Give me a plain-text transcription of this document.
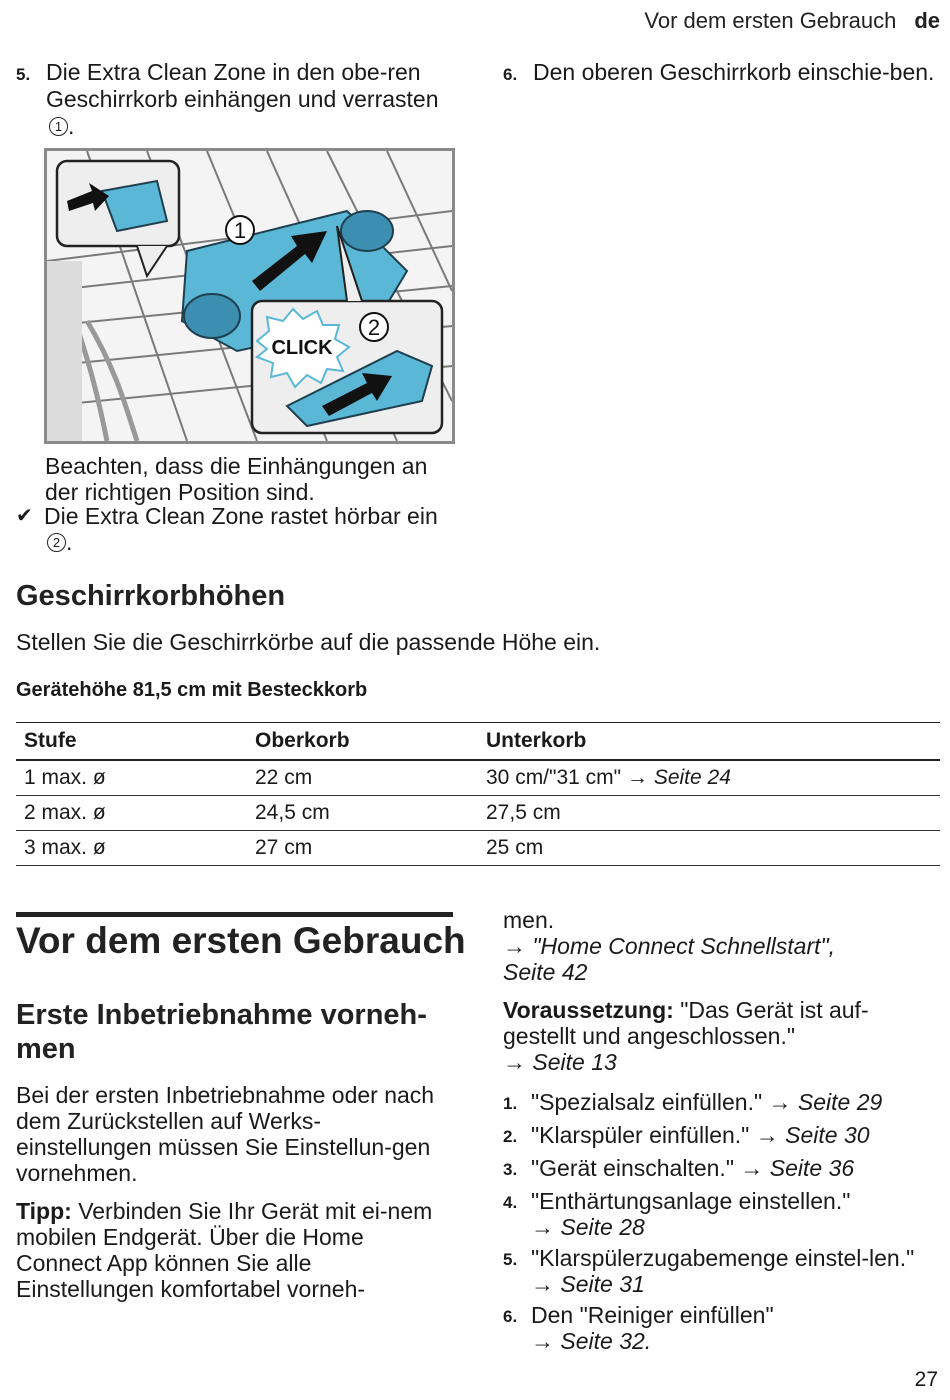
Vor dem ersten Gebrauch de
5. Die Extra Clean Zone in den obe-ren Geschirrkorb einhängen und verrasten 1 .
CLICK
1
2
Beachten, dass die Einhängungen an der richtigen Position sind.
✔ Die Extra Clean Zone rastet hörbar ein 2 .
6. Den oberen Geschirrkorb einschie-ben.
Geschirrkorbhöhen
Stellen Sie die Geschirrkörbe auf die passende Höhe ein.
Gerätehöhe 81,5 cm mit Besteckkorb
Stufe	Oberkorb	Unterkorb
1 max. ø	22 cm	30 cm/"31 cm" → Seite 24
2 max. ø	24,5 cm	27,5 cm
3 max. ø	27 cm	25 cm
Vor dem ersten Gebrauch
Erste Inbetriebnahme vorneh-
men
Bei der ersten Inbetriebnahme oder nach dem Zurückstellen auf Werks-einstellungen müssen Sie Einstellun-gen vornehmen.
Tipp: Verbinden Sie Ihr Gerät mit ei-nem mobilen Endgerät. Über die Home Connect App können Sie alle Einstellungen komfortabel vorneh-
men.
→ "Home Connect Schnellstart",
Seite 42
Voraussetzung: "Das Gerät ist auf-gestellt und angeschlossen."
→ Seite 13
1. "Spezialsalz einfüllen." → Seite 29
2. "Klarspüler einfüllen." → Seite 30
3. "Gerät einschalten." → Seite 36
4. "Enthärtungsanlage einstellen."
→ Seite 28
5. "Klarspülerzugabemenge einstel-len." → Seite 31
6. Den "Reiniger einfüllen"
→ Seite 32.
27
